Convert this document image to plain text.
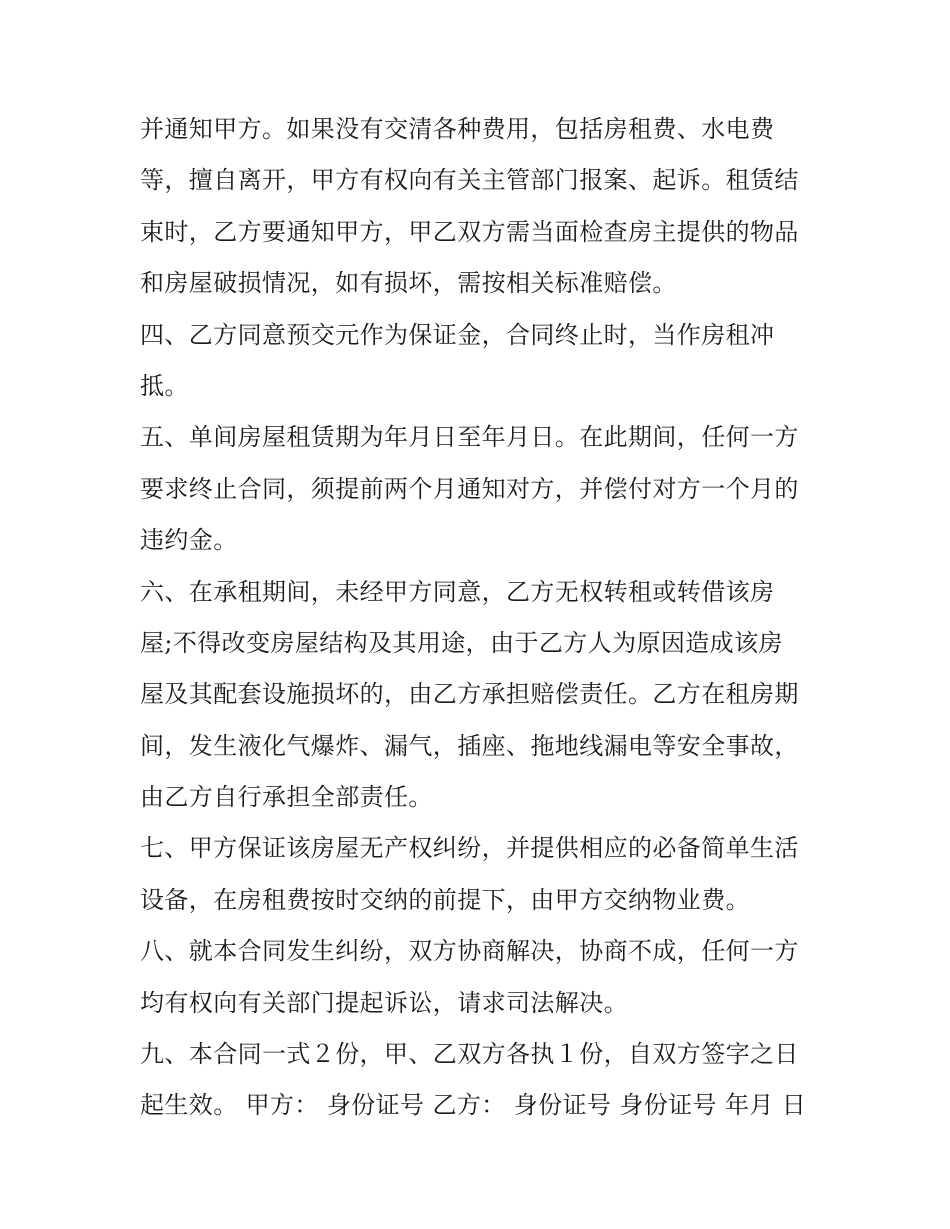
并通知甲方。如果没有交清各种费用，包括房租费、水电费
等，擅自离开，甲方有权向有关主管部门报案、起诉。租赁结
束时，乙方要通知甲方，甲乙双方需当面检查房主提供的物品
和房屋破损情况，如有损坏，需按相关标准赔偿。
四、乙方同意预交元作为保证金，合同终止时，当作房租冲
抵。
五、单间房屋租赁期为年月日至年月日。在此期间，任何一方
要求终止合同，须提前两个月通知对方，并偿付对方一个月的
违约金。
六、在承租期间，未经甲方同意，乙方无权转租或转借该房
屋;不得改变房屋结构及其用途，由于乙方人为原因造成该房
屋及其配套设施损坏的，由乙方承担赔偿责任。乙方在租房期
间，发生液化气爆炸、漏气，插座、拖地线漏电等安全事故，
由乙方自行承担全部责任。
七、甲方保证该房屋无产权纠纷，并提供相应的必备简单生活
设备，在房租费按时交纳的前提下，由甲方交纳物业费。
八、就本合同发生纠纷，双方协商解决，协商不成，任何一方
均有权向有关部门提起诉讼，请求司法解决。
九、本合同一式２份，甲、乙双方各执１份，自双方签字之日
起生效。 甲方： 身份证号 乙方： 身份证号 身份证号 年月 日
